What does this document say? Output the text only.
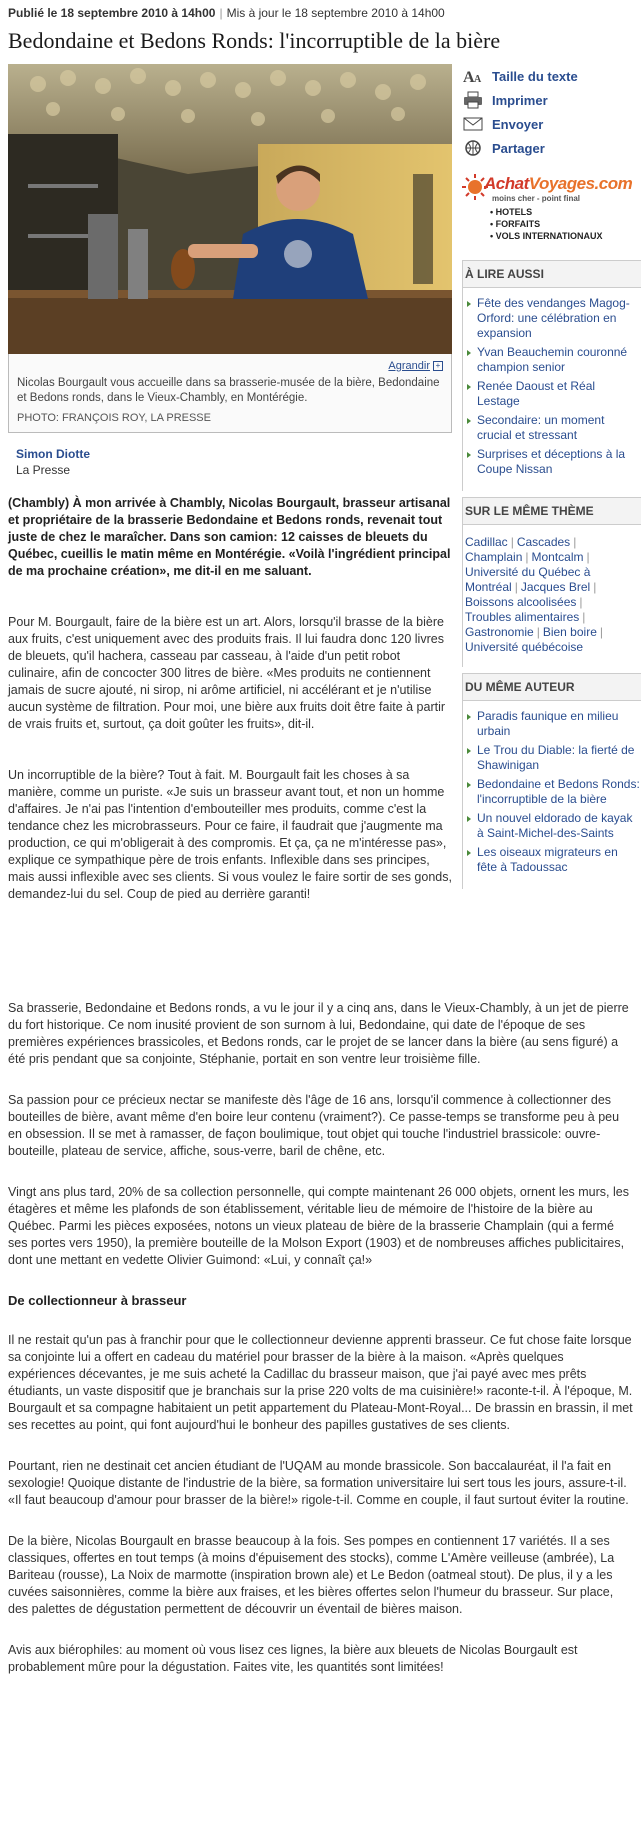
Publié le 18 septembre 2010 à 14h00 | Mis à jour le 18 septembre 2010 à 14h00
Bedondaine et Bedons Ronds: l'incorruptible de la bière
Agrandir +
Nicolas Bourgault vous accueille dans sa brasserie-musée de la bière, Bedondaine et Bedons ronds, dans le Vieux-Chambly, en Montérégie.
PHOTO: FRANÇOIS ROY, LA PRESSE
Simon Diotte
La Presse
(Chambly) À mon arrivée à Chambly, Nicolas Bourgault, brasseur artisanal et propriétaire de la brasserie Bedondaine et Bedons ronds, revenait tout juste de chez le maraîcher. Dans son camion: 12 caisses de bleuets du Québec, cueillis le matin même en Montérégie. «Voilà l'ingrédient principal de ma prochaine création», me dit-il en me saluant.
Pour M. Bourgault, faire de la bière est un art. Alors, lorsqu'il brasse de la bière aux fruits, c'est uniquement avec des produits frais. Il lui faudra donc 120 livres de bleuets, qu'il hachera, casseau par casseau, à l'aide d'un petit robot culinaire, afin de concocter 300 litres de bière. «Mes produits ne contiennent jamais de sucre ajouté, ni sirop, ni arôme artificiel, ni accélérant et je n'utilise aucun système de filtration. Pour moi, une bière aux fruits doit être faite à partir de vrais fruits et, surtout, ça doit goûter les fruits», dit-il.
Un incorruptible de la bière? Tout à fait. M. Bourgault fait les choses à sa manière, comme un puriste. «Je suis un brasseur avant tout, et non un homme d'affaires. Je n'ai pas l'intention d'embouteiller mes produits, comme c'est la tendance chez les microbrasseurs. Pour ce faire, il faudrait que j'augmente ma production, ce qui m'obligerait à des compromis. Et ça, ça ne m'intéresse pas», explique ce sympathique père de trois enfants. Inflexible dans ses principes, mais aussi inflexible avec ses clients. Si vous voulez le faire sortir de ses gonds, demandez-lui du sel. Coup de pied au derrière garanti!
Sa brasserie, Bedondaine et Bedons ronds, a vu le jour il y a cinq ans, dans le Vieux-Chambly, à un jet de pierre du fort historique. Ce nom inusité provient de son surnom à lui, Bedondaine, qui date de l'époque de ses premières expériences brassicoles, et Bedons ronds, car le projet de se lancer dans la bière (au sens figuré) a été pris pendant que sa conjointe, Stéphanie, portait en son ventre leur troisième fille.
Sa passion pour ce précieux nectar se manifeste dès l'âge de 16 ans, lorsqu'il commence à collectionner des bouteilles de bière, avant même d'en boire leur contenu (vraiment?). Ce passe-temps se transforme peu à peu en obsession. Il se met à ramasser, de façon boulimique, tout objet qui touche l'industriel brassicole: ouvre-bouteille, plateau de service, affiche, sous-verre, baril de chêne, etc.
Vingt ans plus tard, 20% de sa collection personnelle, qui compte maintenant 26 000 objets, ornent les murs, les étagères et même les plafonds de son établissement, véritable lieu de mémoire de l'histoire de la bière au Québec. Parmi les pièces exposées, notons un vieux plateau de bière de la brasserie Champlain (qui a fermé ses portes vers 1950), la première bouteille de la Molson Export (1903) et de nombreuses affiches publicitaires, dont une mettant en vedette Olivier Guimond: «Lui, y connaît ça!»
De collectionneur à brasseur
Il ne restait qu'un pas à franchir pour que le collectionneur devienne apprenti brasseur. Ce fut chose faite lorsque sa conjointe lui a offert en cadeau du matériel pour brasser de la bière à la maison. «Après quelques expériences décevantes, je me suis acheté la Cadillac du brasseur maison, que j'ai payé avec mes prêts étudiants, un vaste dispositif que je branchais sur la prise 220 volts de ma cuisinière!» raconte-t-il. À l'époque, M. Bourgault et sa compagne habitaient un petit appartement du Plateau-Mont-Royal... De brassin en brassin, il met ses recettes au point, qui font aujourd'hui le bonheur des papilles gustatives de ses clients.
Pourtant, rien ne destinait cet ancien étudiant de l'UQAM au monde brassicole. Son baccalauréat, il l'a fait en sexologie! Quoique distante de l'industrie de la bière, sa formation universitaire lui sert tous les jours, assure-t-il. «Il faut beaucoup d'amour pour brasser de la bière!» rigole-t-il. Comme en couple, il faut surtout éviter la routine.
De la bière, Nicolas Bourgault en brasse beaucoup à la fois. Ses pompes en contiennent 17 variétés. Il a ses classiques, offertes en tout temps (à moins d'épuisement des stocks), comme L'Amère veilleuse (ambrée), La Bariteau (rousse), La Noix de marmotte (inspiration brown ale) et Le Bedon (oatmeal stout). De plus, il y a les cuvées saisonnières, comme la bière aux fraises, et les bières offertes selon l'humeur du brasseur. Sur place, des palettes de dégustation permettent de découvrir un éventail de bières maison.
Avis aux biérophiles: au moment où vous lisez ces lignes, la bière aux bleuets de Nicolas Bourgault est probablement mûre pour la dégustation. Faites vite, les quantités sont limitées!
A A Taille du texte
Imprimer
Envoyer
Partager
AchatVoyages.com
moins cher - point final
• HOTELS
• FORFAITS
• VOLS INTERNATIONAUX
À LIRE AUSSI
Fête des vendanges Magog-Orford: une célébration en expansion
Yvan Beauchemin couronné champion senior
Renée Daoust et Réal Lestage
Secondaire: un moment crucial et stressant
Surprises et déceptions à la Coupe Nissan
SUR LE MÊME THÈME
Cadillac | Cascades |
Champlain | Montcalm |
Université du Québec à Montréal | Jacques Brel |
Boissons alcoolisées |
Troubles alimentaires |
Gastronomie | Bien boire |
Université québécoise
DU MÊME AUTEUR
Paradis faunique en milieu urbain
Le Trou du Diable: la fierté de Shawinigan
Bedondaine et Bedons Ronds: l'incorruptible de la bière
Un nouvel eldorado de kayak à Saint-Michel-des-Saints
Les oiseaux migrateurs en fête à Tadoussac
